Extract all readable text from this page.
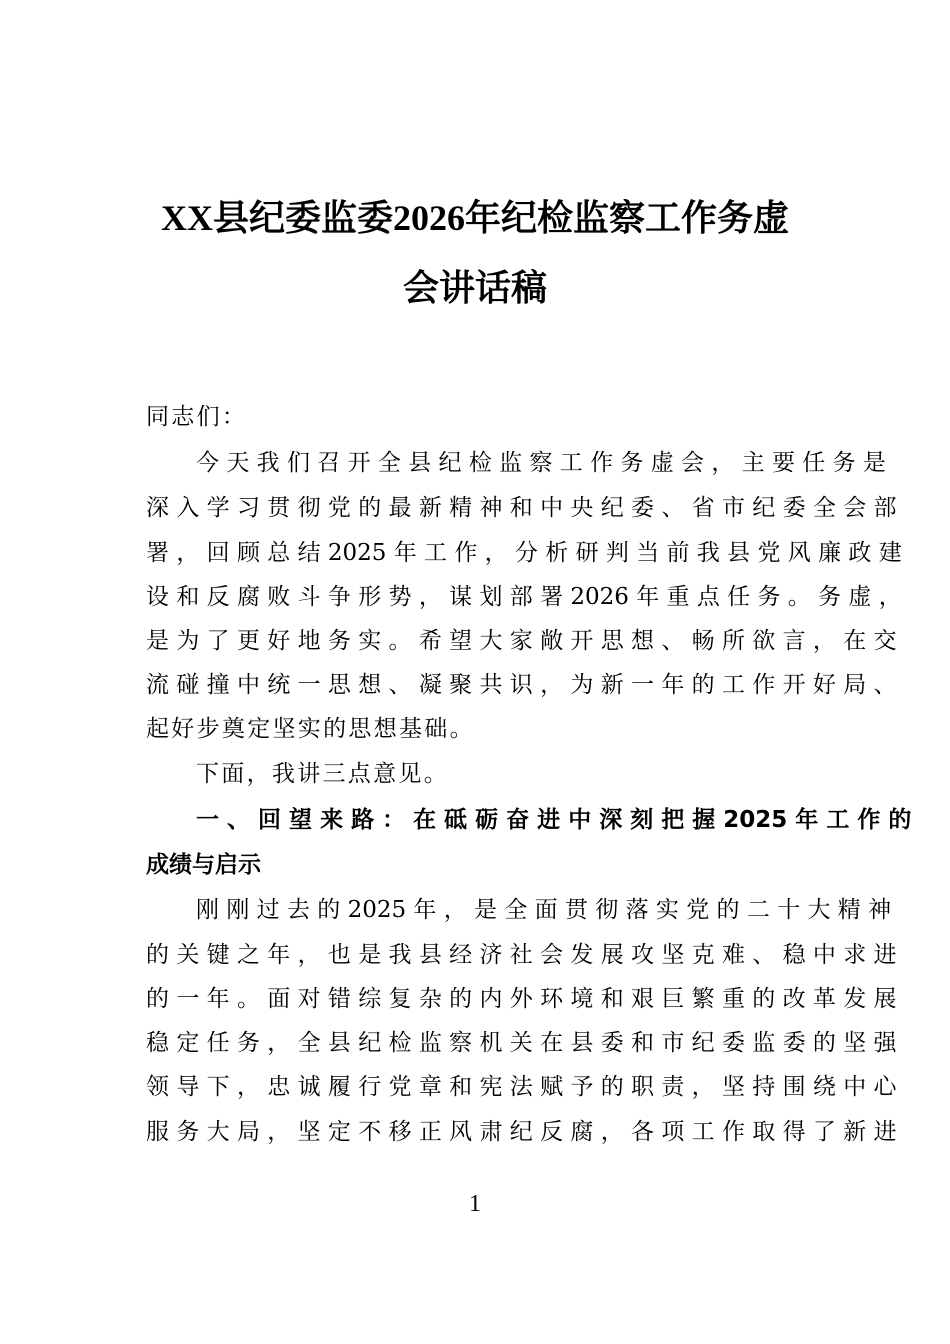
XX县纪委监委2026年纪检监察工作务虚
会讲话稿
同志们：
今 天 我 们 召 开 全 县 纪 检 监 察 工 作 务 虚 会 ， 主 要 任 务 是
深 入 学 习 贯 彻 党 的 最 新 精 神 和 中 央 纪 委 、 省 市 纪 委 全 会 部
署 ， 回 顾 总 结 2025 年 工 作 ， 分 析 研 判 当 前 我 县 党 风 廉 政 建
设 和 反 腐 败 斗 争 形 势 ， 谋 划 部 署 2026 年 重 点 任 务 。 务 虚 ，
是 为 了 更 好 地 务 实 。 希 望 大 家 敞 开 思 想 、 畅 所 欲 言 ， 在 交
流 碰 撞 中 统 一 思 想 、 凝 聚 共 识 ， 为 新 一 年 的 工 作 开 好 局 、
起好步奠定坚实的思想基础。
下面，我讲三点意见。
一 、 回 望 来 路 ： 在 砥 砺 奋 进 中 深 刻 把 握 2025 年 工 作 的
成绩与启示
刚 刚 过 去 的 2025 年 ， 是 全 面 贯 彻 落 实 党 的 二 十 大 精 神
的 关 键 之 年 ， 也 是 我 县 经 济 社 会 发 展 攻 坚 克 难 、 稳 中 求 进
的 一 年 。 面 对 错 综 复 杂 的 内 外 环 境 和 艰 巨 繁 重 的 改 革 发 展
稳 定 任 务 ， 全 县 纪 检 监 察 机 关 在 县 委 和 市 纪 委 监 委 的 坚 强
领 导 下 ， 忠 诚 履 行 党 章 和 宪 法 赋 予 的 职 责 ， 坚 持 围 绕 中 心
服 务 大 局 ， 坚 定 不 移 正 风 肃 纪 反 腐 ， 各 项 工 作 取 得 了 新 进
1
